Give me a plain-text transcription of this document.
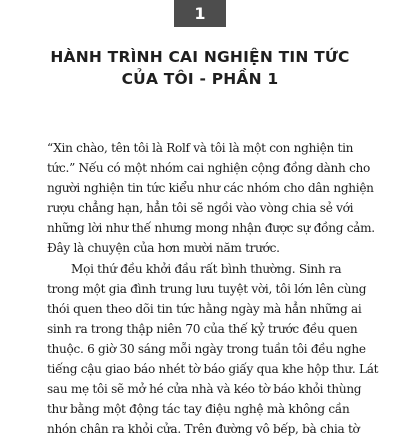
1
HÀNH TRÌNH CAI NGHIỆN TIN TỨC
CỦA TÔI - PHẦN 1
“Xin chào, tên tôi là Rolf và tôi là một con nghiện tin
tức.” Nếu có một nhóm cai nghiện cộng đồng dành cho
người nghiện tin tức kiểu như các nhóm cho dân nghiện
rượu chẳng hạn, hẳn tôi sẽ ngồi vào vòng chia sẻ với
những lời như thế nhưng mong nhận được sự đồng cảm.
Đây là chuyện của hơn mười năm trước.
Mọi thứ đều khởi đầu rất bình thường. Sinh ra
trong một gia đình trung lưu tuyệt vời, tôi lớn lên cùng
thói quen theo dõi tin tức hằng ngày mà hẳn những ai
sinh ra trong thập niên 70 của thế kỷ trước đều quen
thuộc. 6 giờ 30 sáng mỗi ngày trong tuần tôi đều nghe
tiếng cậu giao báo nhét tờ báo giấy qua khe hộp thư. Lát
sau mẹ tôi sẽ mở hé cửa nhà và kéo tờ báo khỏi thùng
thư bằng một động tác tay điệu nghệ mà không cần
nhón chân ra khỏi cửa. Trên đường vô bếp, bà chia tờ
